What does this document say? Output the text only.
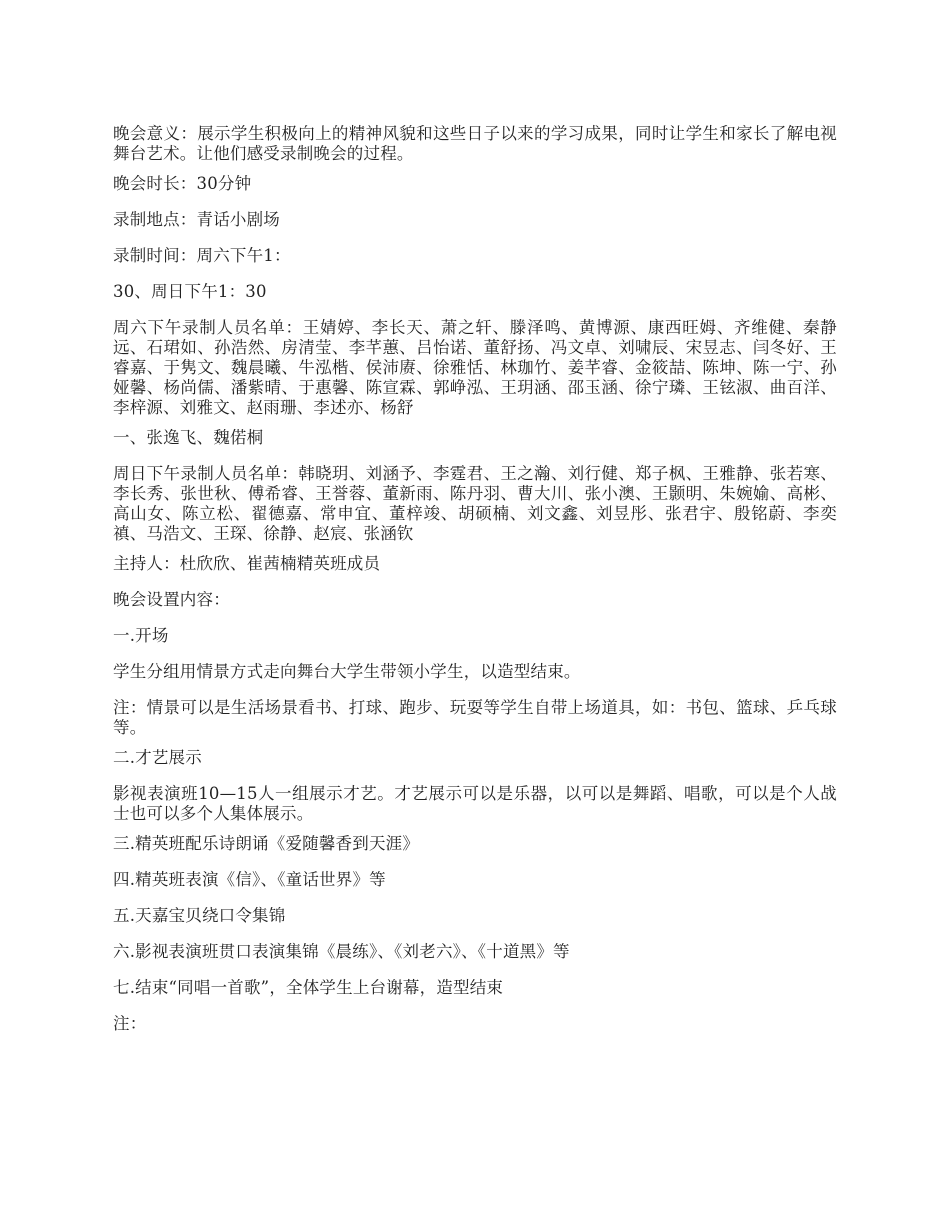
晚会意义：展示学生积极向上的精神风貌和这些日子以来的学习成果，同时让学生和家长了解电视舞台艺术。让他们感受录制晚会的过程。

晚会时长：30分钟

录制地点：青话小剧场

录制时间：周六下午1：

30、周日下午1：30

周六下午录制人员名单：王婧婷、李长天、萧之轩、滕泽鸣、黄博源、康西旺姆、齐维健、秦静远、石珺如、孙浩然、房清莹、李芊蕙、吕怡诺、董舒扬、冯文卓、刘啸辰、宋昱志、闫冬好、王睿嘉、于隽文、魏晨曦、牛泓楷、侯沛赓、徐雅恬、林珈竹、姜芊睿、金筱喆、陈坤、陈一宁、孙娅馨、杨尚儒、潘紫晴、于惠馨、陈宣霖、郭峥泓、王玥涵、邵玉涵、徐宁璘、王铉淑、曲百洋、李梓源、刘雅文、赵雨珊、李述亦、杨舒

一、张逸飞、魏偌桐

周日下午录制人员名单：韩晓玥、刘涵予、李霆君、王之瀚、刘行健、郑子枫、王雅静、张若寒、李长秀、张世秋、傅希睿、王誉蓉、董新雨、陈丹羽、曹大川、张小澳、王颢明、朱婉媮、高彬、高山女、陈立松、翟德嘉、常申宜、董梓竣、胡硕楠、刘文鑫、刘昱彤、张君宇、殷铭蔚、李奕禛、马浩文、王琛、徐静、赵宸、张涵钦

主持人：杜欣欣、崔茜楠精英班成员

晚会设置内容：

一.开场

学生分组用情景方式走向舞台大学生带领小学生，以造型结束。

注：情景可以是生活场景看书、打球、跑步、玩耍等学生自带上场道具，如：书包、篮球、乒乓球等。

二.才艺展示

影视表演班10—15人一组展示才艺。才艺展示可以是乐器，以可以是舞蹈、唱歌，可以是个人战士也可以多个人集体展示。

三.精英班配乐诗朗诵《爱随馨香到天涯》

四.精英班表演《信》、《童话世界》等

五.天嘉宝贝绕口令集锦

六.影视表演班贯口表演集锦《晨练》、《刘老六》、《十道黑》等

七.结束“同唱一首歌”，全体学生上台谢幕，造型结束

注：
